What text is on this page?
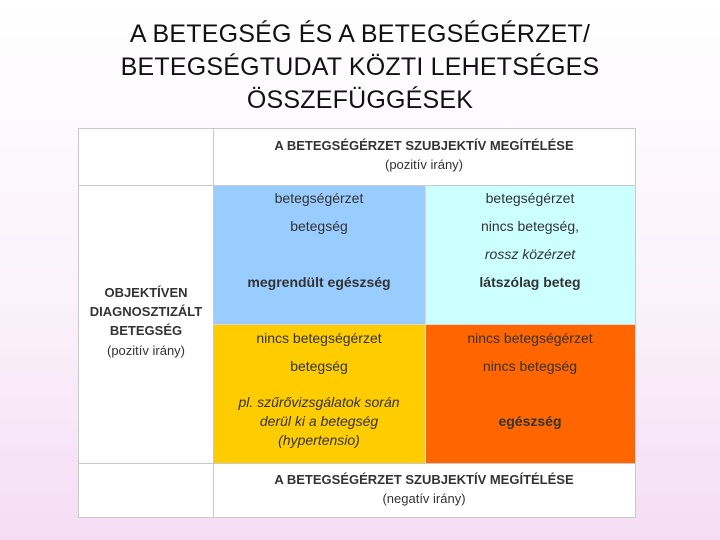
A BETEGSÉG ÉS A BETEGSÉGÉRZET/
BETEGSÉGTUDAT KÖZTI LEHETSÉGES
ÖSSZEFÜGGÉSEK
A BETEGSÉGÉRZET SZUBJEKTÍV MEGÍTÉLÉSE
(pozitív irány)
OBJEKTÍVEN
DIAGNOSZTIZÁLT
BETEGSÉG
(pozitív irány)
betegségérzet
betegség
megrendült egészség
betegségérzet
nincs betegség,
rossz közérzet
látszólag beteg
nincs betegségérzet
betegség
pl. szűrővizsgálatok során
derül ki a betegség
(hypertensio)
nincs betegségérzet
nincs betegség
egészség
A BETEGSÉGÉRZET SZUBJEKTÍV MEGÍTÉLÉSE
(negatív irány)
